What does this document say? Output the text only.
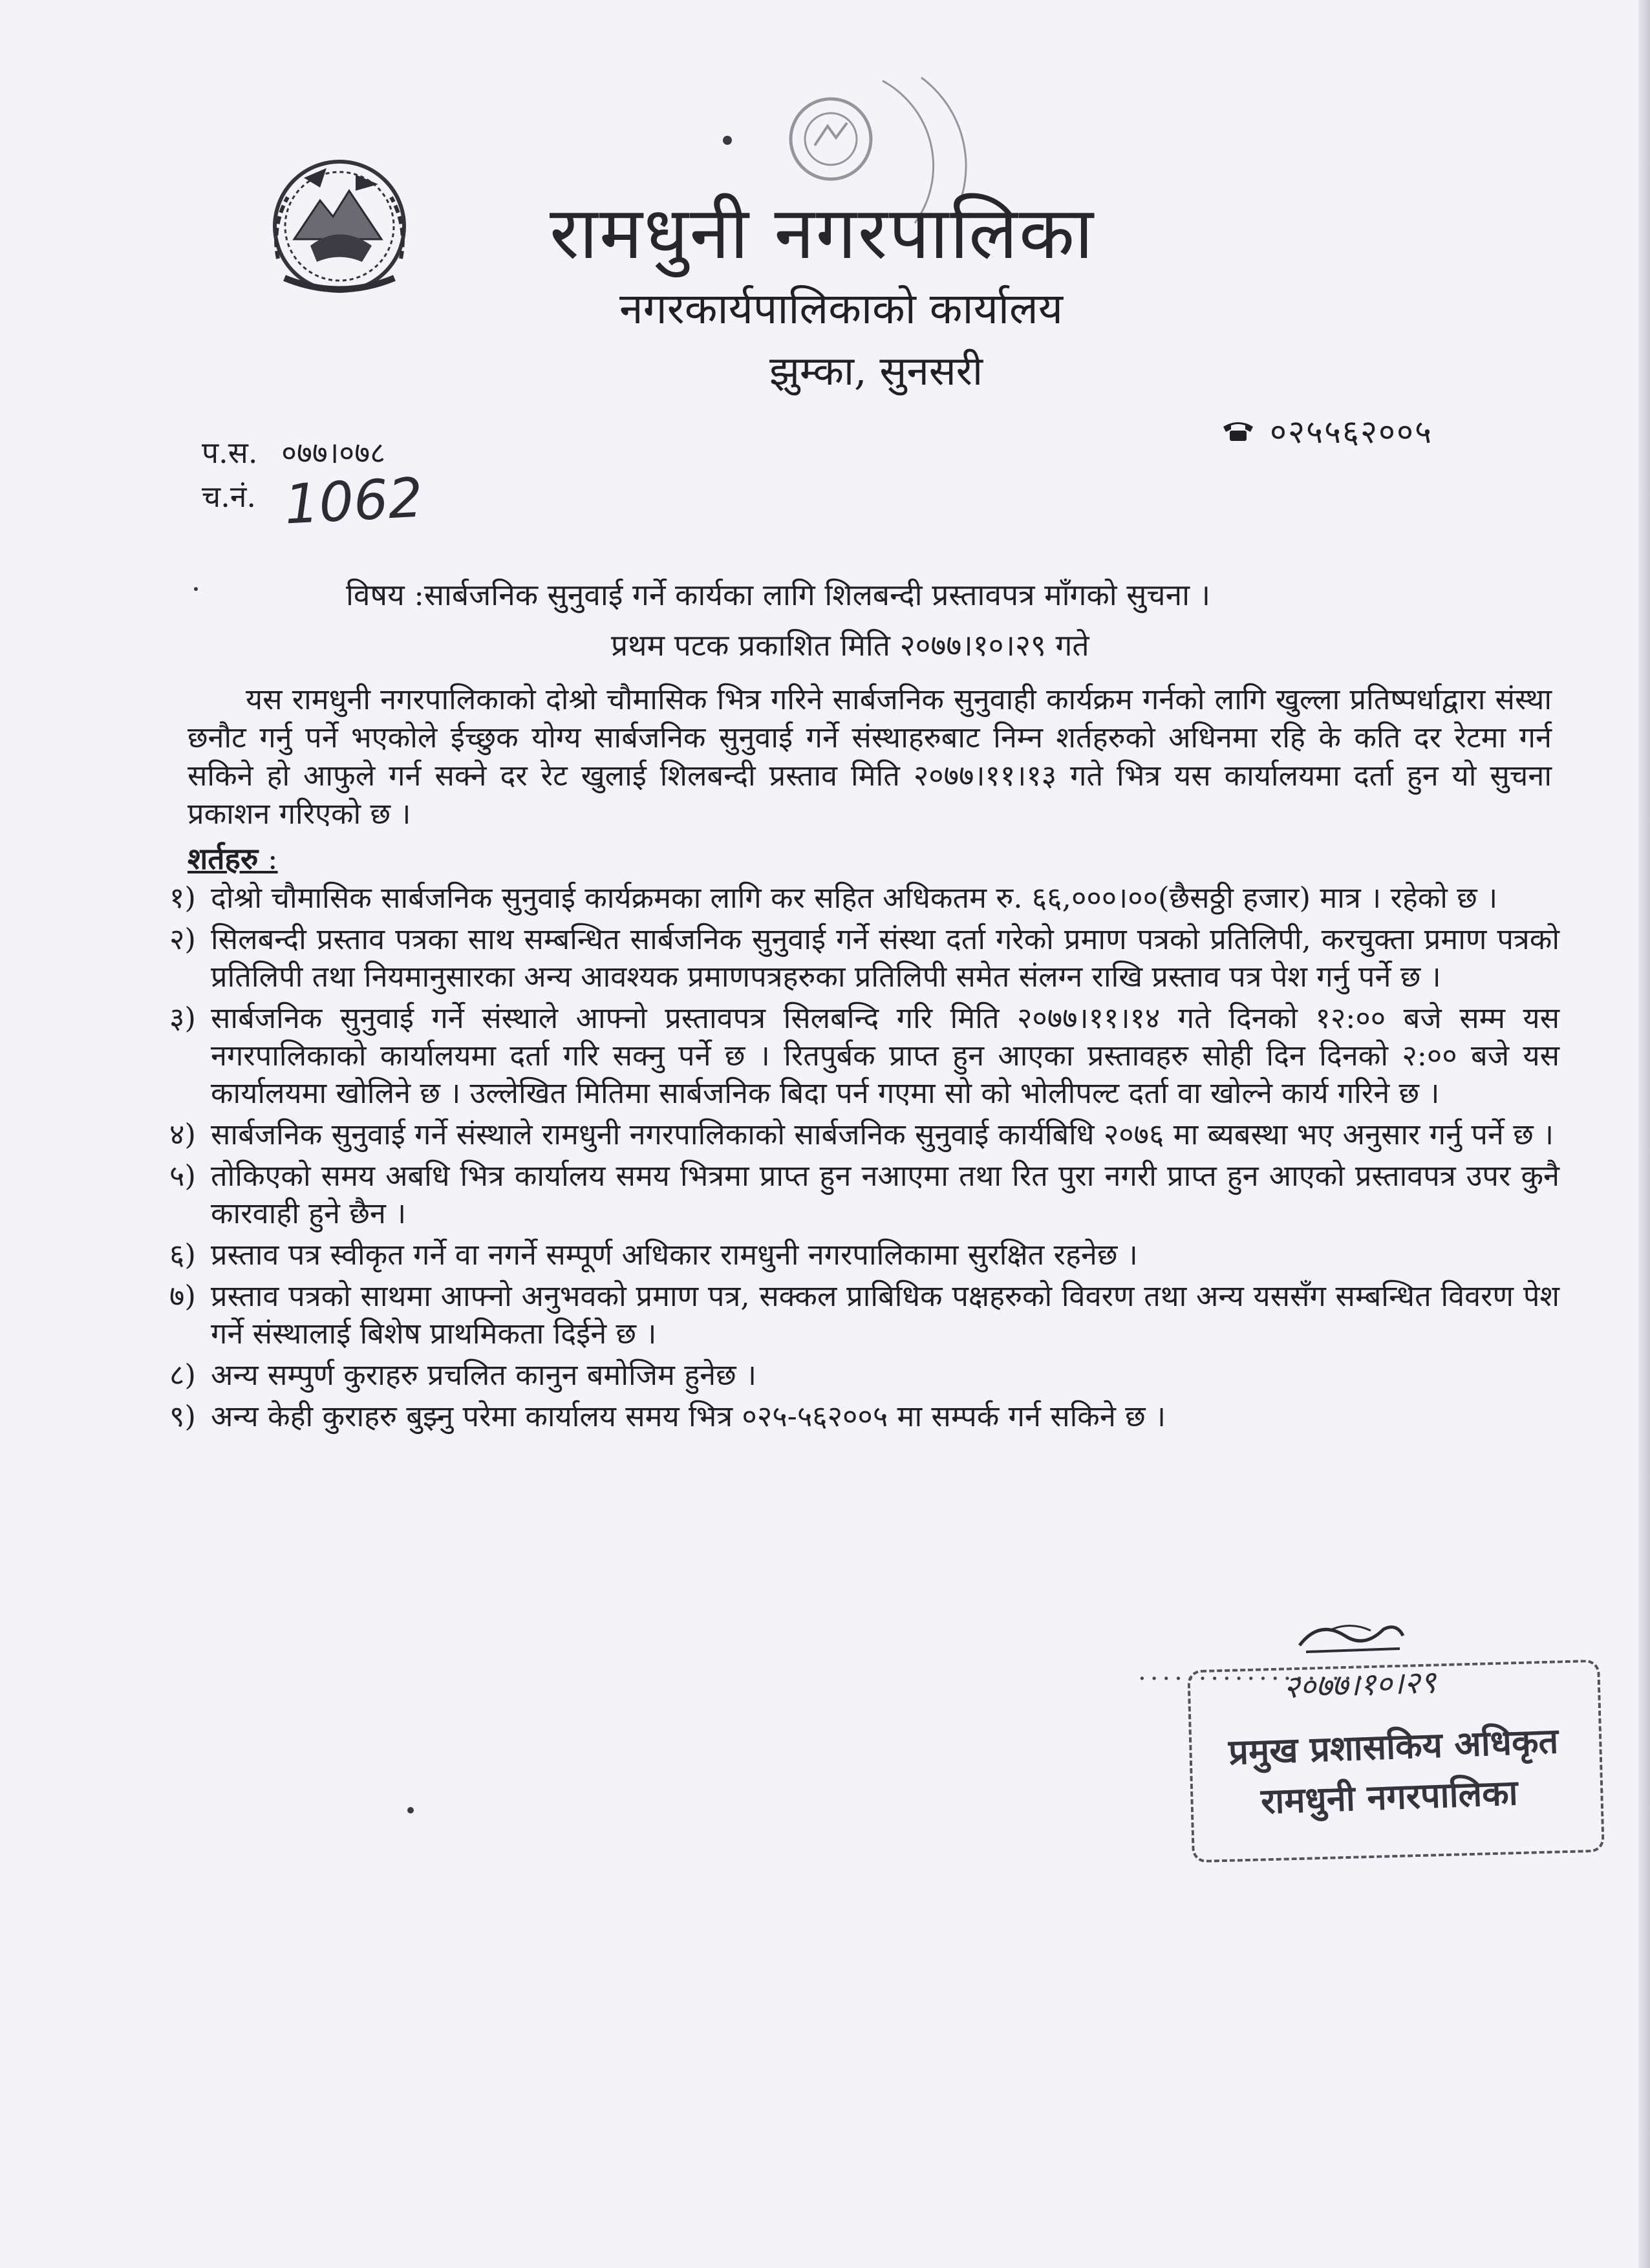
रामधुनी नगरपालिका
नगरकार्यपालिकाको कार्यालय
झुम्का, सुनसरी
०२५५६२००५
प.स. ०७७।०७८
च.नं. 1062
विषय :सार्बजनिक सुनुवाई गर्ने कार्यका लागि शिलबन्दी प्रस्तावपत्र माँगको सुचना ।
प्रथम पटक प्रकाशित मिति २०७७।१०।२९ गते
यस रामधुनी नगरपालिकाको दोश्रो चौमासिक भित्र गरिने सार्बजनिक सुनुवाही कार्यक्रम गर्नको लागि खुल्ला प्रतिष्पर्धाद्वारा संस्था छनौट गर्नु पर्ने भएकोले ईच्छुक योग्य सार्बजनिक सुनुवाई गर्ने संस्थाहरुबाट निम्न शर्तहरुको अधिनमा रहि के कति दर रेटमा गर्न सकिने हो आफुले गर्न सक्ने दर रेट खुलाई शिलबन्दी प्रस्ताव मिति २०७७।११।१३ गते भित्र यस कार्यालयमा दर्ता हुन यो सुचना प्रकाशन गरिएको छ ।
शर्तहरु :
१) दोश्रो चौमासिक सार्बजनिक सुनुवाई कार्यक्रमका लागि कर सहित अधिकतम रु. ६६,०००।००(छैसठ्ठी हजार) मात्र । रहेको छ ।
२) सिलबन्दी प्रस्ताव पत्रका साथ सम्बन्धित सार्बजनिक सुनुवाई गर्ने संस्था दर्ता गरेको प्रमाण पत्रको प्रतिलिपी, करचुक्ता प्रमाण पत्रको प्रतिलिपी तथा नियमानुसारका अन्य आवश्यक प्रमाणपत्रहरुका प्रतिलिपी समेत संलग्न राखि प्रस्ताव पत्र पेश गर्नु पर्ने छ ।
३) सार्बजनिक सुनुवाई गर्ने संस्थाले आफ्नो प्रस्तावपत्र सिलबन्दि गरि मिति २०७७।११।१४ गते दिनको १२:०० बजे सम्म यस नगरपालिकाको कार्यालयमा दर्ता गरि सक्नु पर्ने छ । रितपुर्बक प्राप्त हुन आएका प्रस्तावहरु सोही दिन दिनको २:०० बजे यस कार्यालयमा खोलिने छ । उल्लेखित मितिमा सार्बजनिक बिदा पर्न गएमा सो को भोलीपल्ट दर्ता वा खोल्ने कार्य गरिने छ ।
४) सार्बजनिक सुनुवाई गर्ने संस्थाले रामधुनी नगरपालिकाको सार्बजनिक सुनुवाई कार्यबिधि २०७६ मा ब्यबस्था भए अनुसार गर्नु पर्ने छ ।
५) तोकिएको समय अबधि भित्र कार्यालय समय भित्रमा प्राप्त हुन नआएमा तथा रित पुरा नगरी प्राप्त हुन आएको प्रस्तावपत्र उपर कुनै कारवाही हुने छैन ।
६) प्रस्ताव पत्र स्वीकृत गर्ने वा नगर्ने सम्पूर्ण अधिकार रामधुनी नगरपालिकामा सुरक्षित रहनेछ ।
७) प्रस्ताव पत्रको साथमा आफ्नो अनुभवको प्रमाण पत्र, सक्कल प्राबिधिक पक्षहरुको विवरण तथा अन्य यससँग सम्बन्धित विवरण पेश गर्ने संस्थालाई बिशेष प्राथमिकता दिईने छ ।
८) अन्य सम्पुर्ण कुराहरु प्रचलित कानुन बमोजिम हुनेछ ।
९) अन्य केही कुराहरु बुझ्नु परेमा कार्यालय समय भित्र ०२५-५६२००५ मा सम्पर्क गर्न सकिने छ ।
...................
२०७७।१०।२९
प्रमुख प्रशासकिय अधिकृत
रामधुनी नगरपालिका
